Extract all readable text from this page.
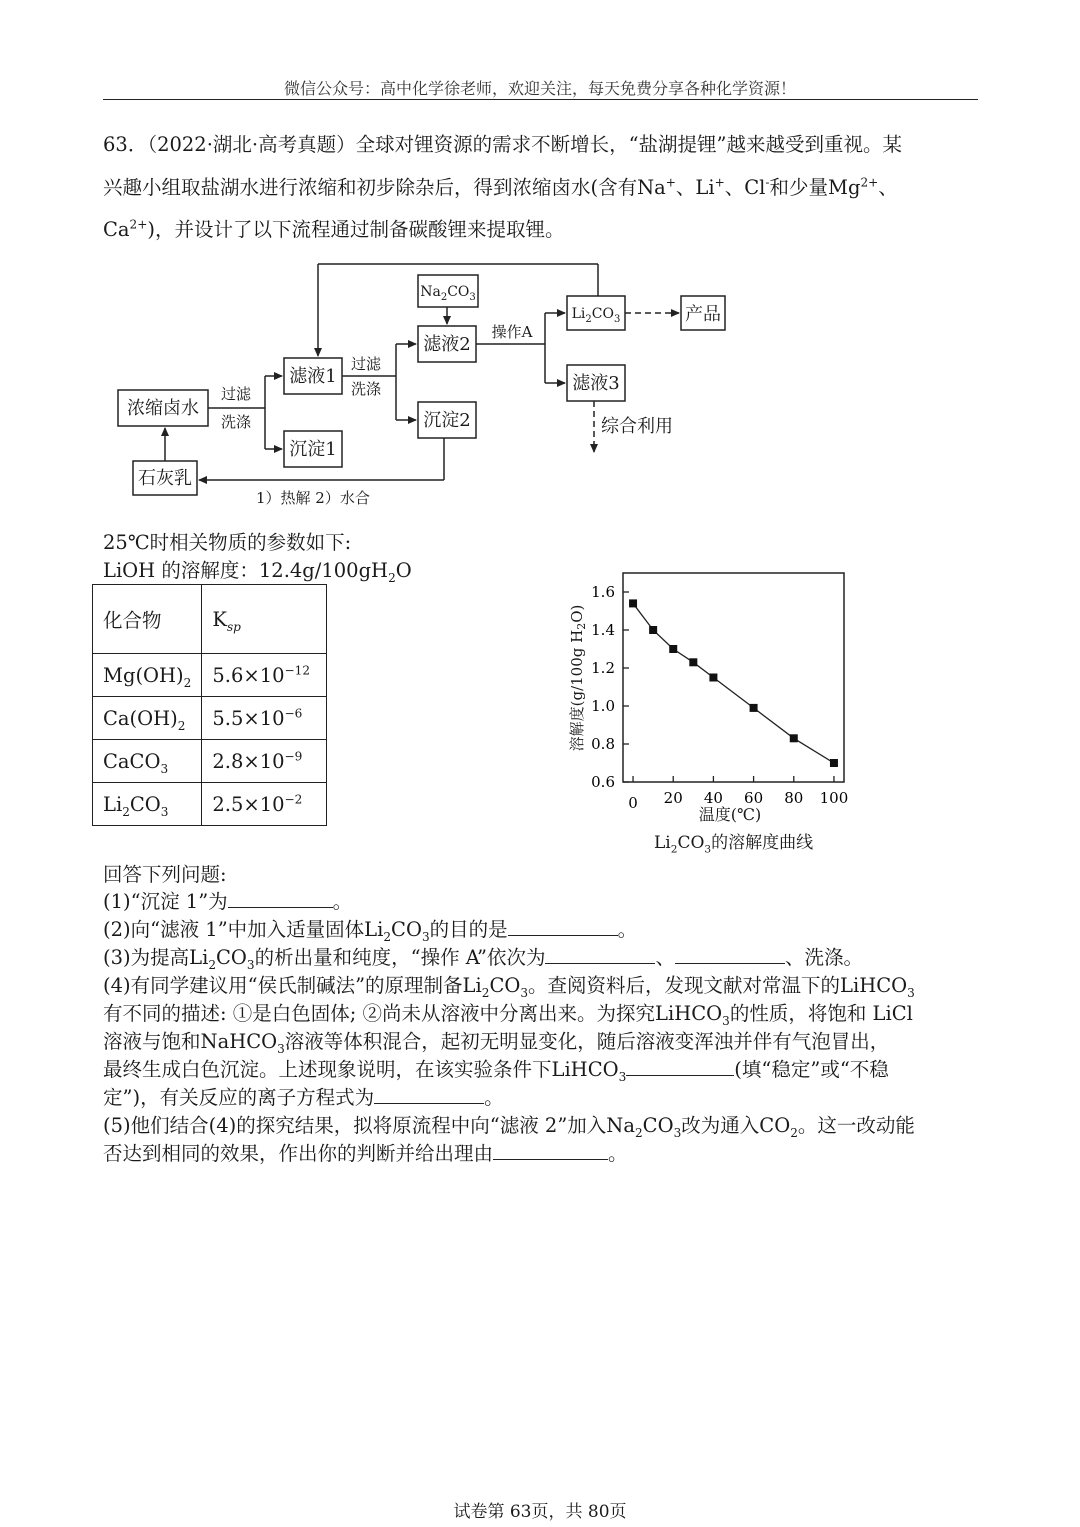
微信公众号：高中化学徐老师，欢迎关注，每天免费分享各种化学资源！
63．（2022·湖北·高考真题）全球对锂资源的需求不断增长，“盐湖提锂”越来越受到重视。某
兴趣小组取盐湖水进行浓缩和初步除杂后，得到浓缩卤水(含有Na+、Li+、Cl-和少量$Mg^{2+}$、
$Ca^{2+}$)，并设计了以下流程通过制备碳酸锂来提取锂。
浓缩卤水
滤液1
沉淀1
滤液2
沉淀2
产品
滤液3
石灰乳
综合利用
过滤
洗涤
过滤
洗涤
操作A
1）热解 2）水合
$Na_2CO_3$
$Li_2CO_3$
25℃时相关物质的参数如下:
LiOH 的溶解度：$12.4g/100gH_2O$
化合物	$K_{sp}$
$Mg(OH)_2$	$5.6\times 10^{-12}$
$Ca(OH)_2$	$5.5\times 10^{-6}$
CaCO$_3$	$2.8\times 10^{-9}$
$Li_2CO_3$	$2.5\times 10^{-2}$
0.6
0.8
1.0
1.2
1.4
1.6
0 20 40 60 80 100
溶解度(g/100g $H_2O$)
温度(℃)
$Li_2CO_3$的溶解度曲线
回答下列问题:
(1)“沉淀 1”为	。
(2)向“滤液 1”中加入适量固体$Li_2CO_3$的目的是	。
(3)为提高$Li_2CO_3$的析出量和纯度，“操作 A”依次为	、	、洗涤。
(4)有同学建议用“侯氏制碱法”的原理制备$Li_2CO_3$。查阅资料后，发现文献对常温下的LiHCO$_3$
有不同的描述: ①是白色固体; ②尚未从溶液中分离出来。为探究LiHCO$_3$的性质，将饱和 LiCl
溶液与饱和NaHCO$_3$溶液等体积混合，起初无明显变化，随后溶液变浑浊并伴有气泡冒出，
最终生成白色沉淀。上述现象说明，在该实验条件下LiHCO$_3$	(填“稳定”或“不稳
定”)，有关反应的离子方程式为	。
(5)他们结合(4)的探究结果，拟将原流程中向“滤液 2”加入$Na_2CO_3$改为通入$CO_2$。这一改动能
否达到相同的效果，作出你的判断并给出理由	。
试卷第 63页，共 80页
